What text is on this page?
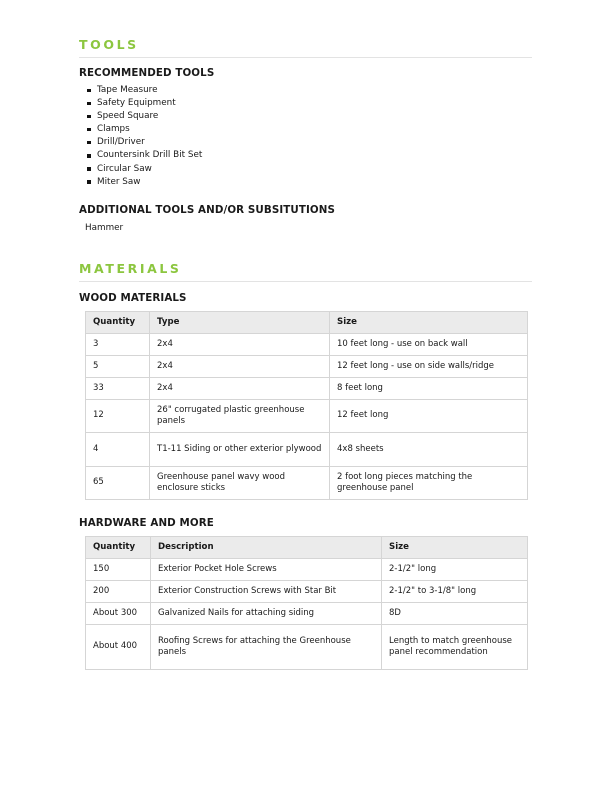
TOOLS
RECOMMENDED TOOLS
Tape Measure
Safety Equipment
Speed Square
Clamps
Drill/Driver
Countersink Drill Bit Set
Circular Saw
Miter Saw
ADDITIONAL TOOLS AND/OR SUBSITUTIONS

Hammer

MATERIALS
WOOD MATERIALS
Quantity	Type	Size
3	2x4	10 feet long - use on back wall
5	2x4	12 feet long - use on side walls/ridge
33	2x4	8 feet long
12	26" corrugated plastic greenhouse panels	12 feet long
4	T1-11 Siding or other exterior plywood	4x8 sheets
65	Greenhouse panel wavy wood enclosure sticks	2 foot long pieces matching the greenhouse panel
HARDWARE AND MORE
Quantity	Description	Size
150	Exterior Pocket Hole Screws	2-1/2" long
200	Exterior Construction Screws with Star Bit	2-1/2" to 3-1/8" long
About 300	Galvanized Nails for attaching siding	8D
About 400	Roofing Screws for attaching the Greenhouse panels	Length to match greenhouse panel recommendation
